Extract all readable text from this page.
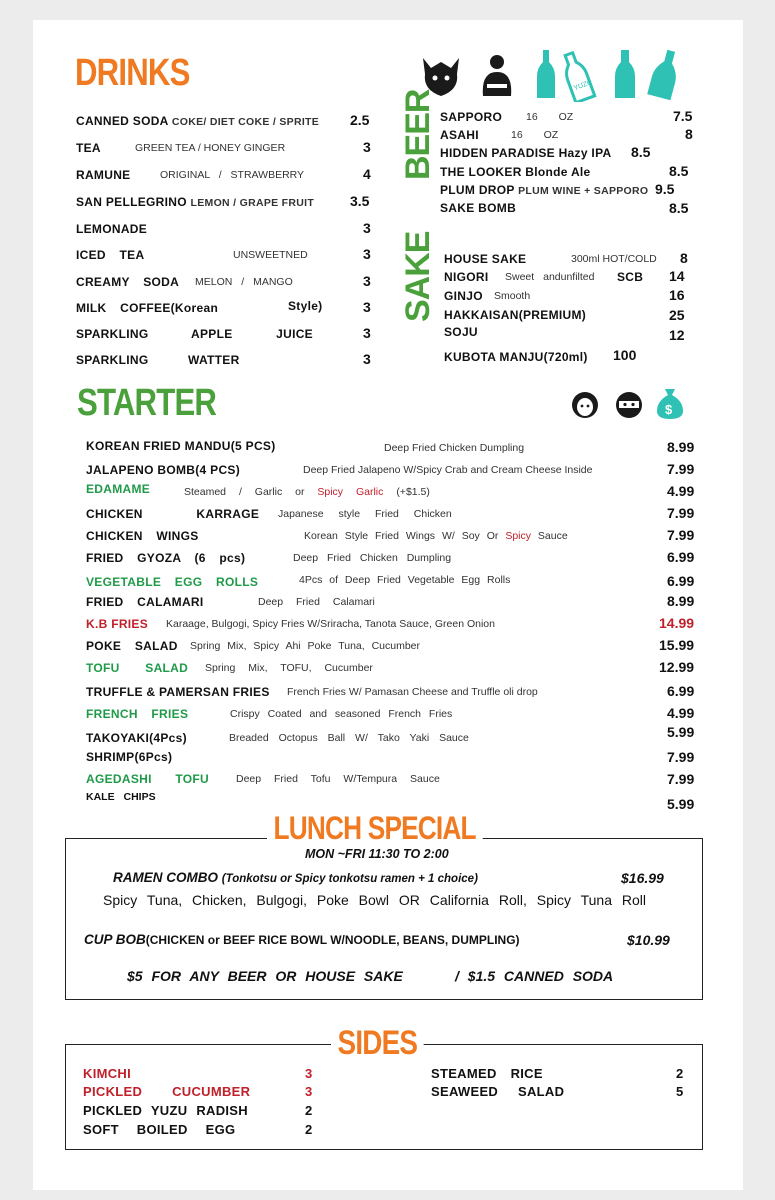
DRINKS	YUZU
CANNED SODA COKE/ DIET COKE / SPRITE 2.5
TEA	GREEN TEA / HONEY GINGER	3
RAMUNE	ORIGINAL / STRAWBERRY	4
SAN PELLEGRINO LEMON / GRAPE FRUIT	3.5
LEMONADE	3
ICED TEA	UNSWEETNED	3
CREAMY SODA MELON / MANGO	3
MILK COFFEE(Korean	Style)	3
SPARKLING	APPLE JUICE	3
SPARKLING	WATTER	3
BEER SAPPORO 16 OZ	7.5
ASAHI	16 OZ	8
HIDDEN PARADISE Hazy IPA 8.5
THE LOOKER Blonde Ale	8.5
PLUM DROP PLUM WINE + SAPPORO 9.5
SAKE BOMB	8.5
SAKE HOUSE SAKE	300ml HOT/COLD 8
NIGORI Sweet andunfilted SCB 14
GINJO Smooth	16
HAKKAISAN(PREMIUM)	25
SOJU	12
KUBOTA MANJU(720ml) 100
STARTER	$
KOREAN FRIED MANDU(5 PCS)	Deep Fried Chicken Dumpling	8.99
JALAPENO BOMB(4 PCS)	Deep Fried Jalapeno W/Spicy Crab and Cream Cheese Inside	7.99
EDAMAME	Steamed / Garlic or Spicy Garlic (+$1.5)	4.99
CHICKEN KARRAGE Japanese style Fried Chicken	7.99
CHICKEN WINGS	Korean Style Fried Wings W/ Soy Or Spicy Sauce	7.99
FRIED GYOZA (6 pcs)	Deep Fried Chicken Dumpling	6.99
VEGETABLE EGG ROLLS	4Pcs of Deep Fried Vegetable Egg Rolls	6.99
FRIED CALAMARI	Deep Fried Calamari	8.99
K.B FRIES Karaage, Bulgogi, Spicy Fries W/Sriracha, Tanota Sauce, Green Onion	14.99
POKE SALAD Spring Mix, Spicy Ahi Poke Tuna, Cucumber	15.99
TOFU SALAD Spring Mix, TOFU, Cucumber	12.99
TRUFFLE & PAMERSAN FRIES French Fries W/ Pamasan Cheese and Truffle oli drop	6.99
FRENCH FRIES	Crispy Coated and seasoned French Fries	4.99
TAKOYAKI(4Pcs)	Breaded Octopus Ball W/ Tako Yaki Sauce	5.99
SHRIMP(6Pcs)	7.99
AGEDASHI TOFU	Deep Fried Tofu W/Tempura Sauce	7.99
KALE CHIPS	5.99
LUNCH SPECIAL
MON ~FRI 11:30 TO 2:00
RAMEN COMBO (Tonkotsu or Spicy tonkotsu ramen + 1 choice)	$16.99
Spicy Tuna, Chicken, Bulgogi, Poke Bowl OR California Roll, Spicy Tuna Roll
CUP BOB(CHICKEN or BEEF RICE BOWL W/NOODLE, BEANS, DUMPLING)	$10.99
$5 FOR ANY BEER OR HOUSE SAKE	/ $1.5 CANNED SODA
SIDES
KIMCHI	3
PICKLED CUCUMBER	3
PICKLED YUZU RADISH	2
SOFT BOILED EGG	2
STEAMED RICE	2
SEAWEED SALAD	5
